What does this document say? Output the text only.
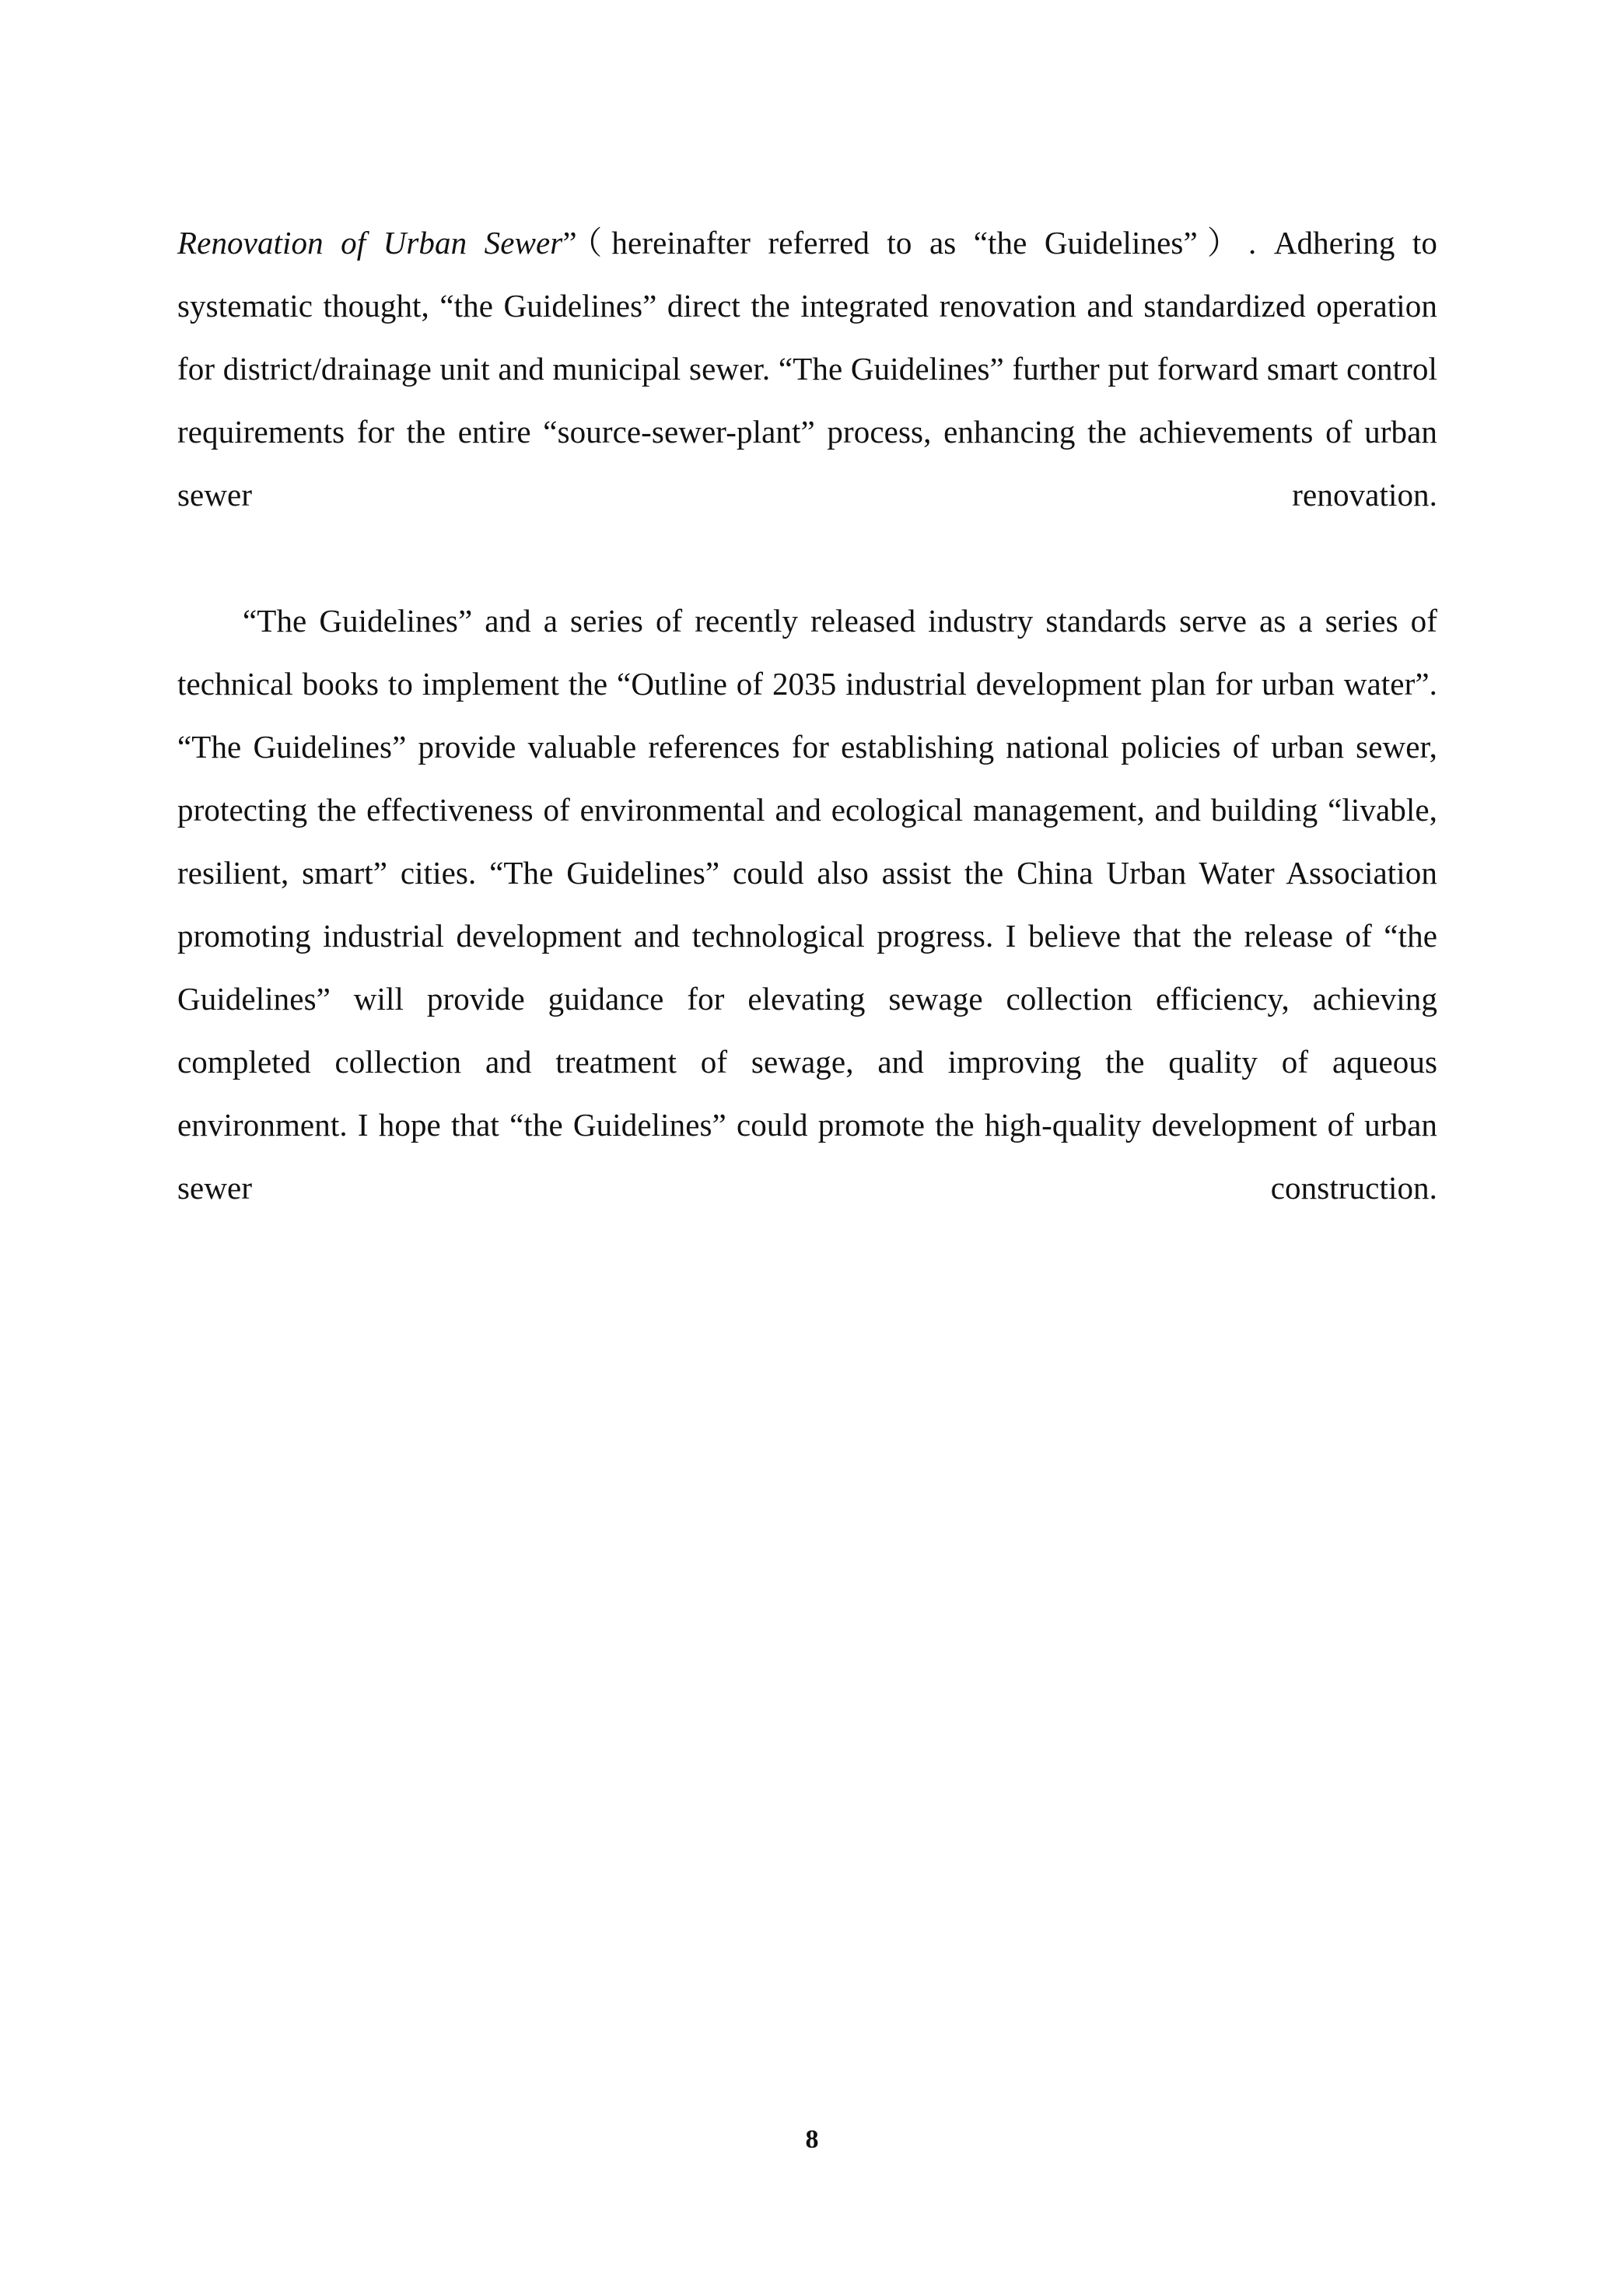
Renovation of Urban Sewer”（hereinafter referred to as “the Guidelines”）. Adhering to systematic thought, “the Guidelines” direct the integrated renovation and standardized operation for district/drainage unit and municipal sewer. “The Guidelines” further put forward smart control requirements for the entire “source-sewer-plant” process, enhancing the achievements of urban sewer renovation.

“The Guidelines” and a series of recently released industry standards serve as a series of technical books to implement the “Outline of 2035 industrial development plan for urban water”. “The Guidelines” provide valuable references for establishing national policies of urban sewer, protecting the effectiveness of environmental and ecological management, and building “livable, resilient, smart” cities. “The Guidelines” could also assist the China Urban Water Association promoting industrial development and technological progress. I believe that the release of “the Guidelines” will provide guidance for elevating sewage collection efficiency, achieving completed collection and treatment of sewage, and improving the quality of aqueous environment. I hope that “the Guidelines” could promote the high-quality development of urban sewer construction.

8
